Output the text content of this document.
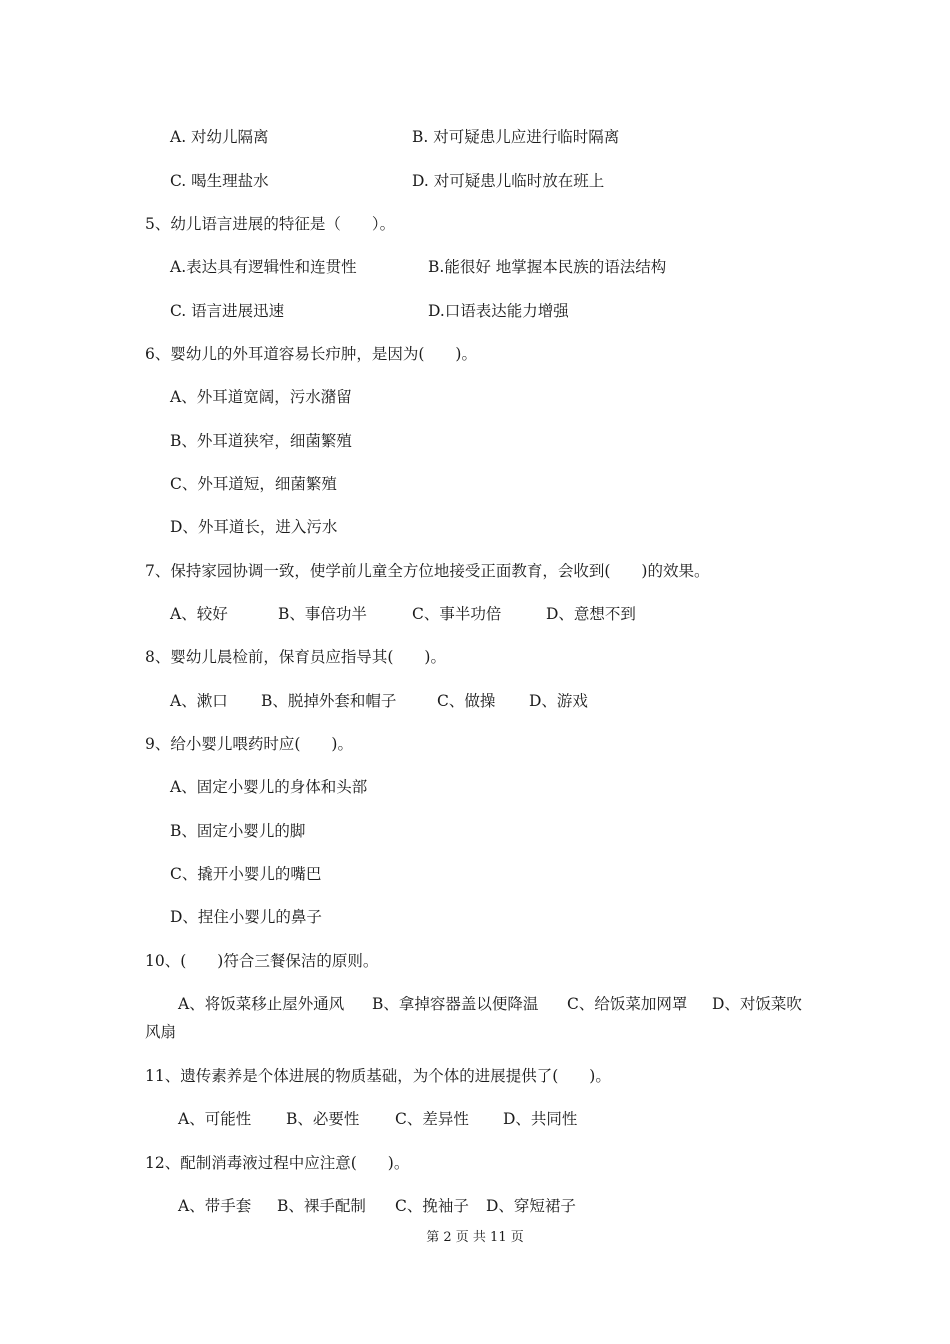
A. 对幼儿隔离	B. 对可疑患儿应进行临时隔离
C. 喝生理盐水	D. 对可疑患儿临时放在班上
5、幼儿语言进展的特征是（　　）。
A.表达具有逻辑性和连贯性	B.能很好 地掌握本民族的语法结构
C. 语言进展迅速	D.口语表达能力增强
6、婴幼儿的外耳道容易长疖肿，是因为(　　)。
A、外耳道宽阔，污水潴留
B、外耳道狭窄，细菌繁殖
C、外耳道短，细菌繁殖
D、外耳道长，进入污水
7、保持家园协调一致，使学前儿童全方位地接受正面教育，会收到(　　)的效果。
A、较好	B、事倍功半	C、事半功倍	D、意想不到
8、婴幼儿晨检前，保育员应指导其(　　)。
A、漱口 B、脱掉外套和帽子	C、做操 D、游戏
9、给小婴儿喂药时应(　　)。
A、固定小婴儿的身体和头部
B、固定小婴儿的脚
C、撬开小婴儿的嘴巴
D、捏住小婴儿的鼻子
10、(　　)符合三餐保洁的原则。
A、将饭菜移止屋外通风 B、拿掉容器盖以便降温 C、给饭菜加网罩 D、对饭菜吹
风扇
11、遗传素养是个体进展的物质基础，为个体的进展提供了(　　)。
A、可能性 B、必要性 C、差异性 D、共同性
12、配制消毒液过程中应注意(　　)。
A、带手套 B、裸手配制 C、挽袖子 D、穿短裙子
第 2 页 共 11 页
